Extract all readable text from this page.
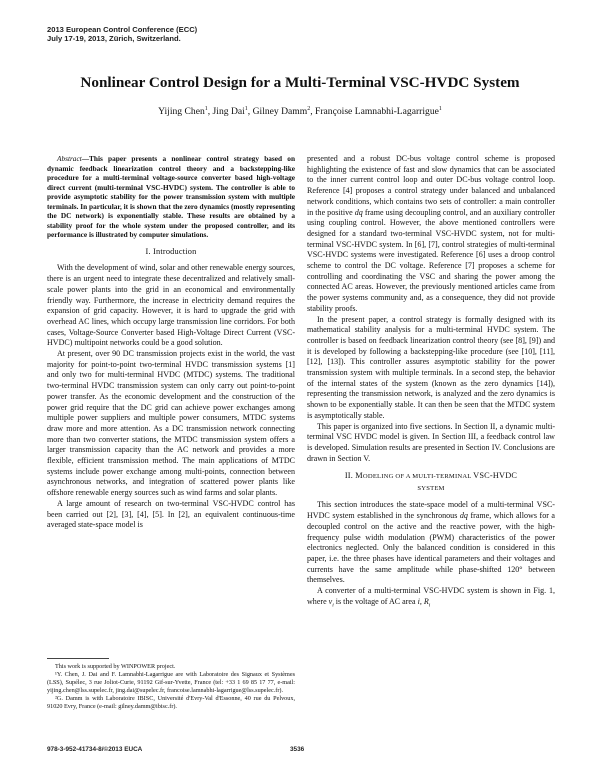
2013 European Control Conference (ECC)
July 17-19, 2013, Zürich, Switzerland.
Nonlinear Control Design for a Multi-Terminal VSC-HVDC System
Yijing Chen$^1$, Jing Dai$^1$, Gilney Damm$^2$, Françoise Lamnabhi-Lagarrigue$^1$

Abstract—This paper presents a nonlinear control strategy based on dynamic feedback linearization control theory and a backstepping-like procedure for a multi-terminal voltage-source converter based high-voltage direct current (multi-terminal VSC-HVDC) system. The controller is able to provide asymptotic stability for the power transmission system with multiple terminals. In particular, it is shown that the zero dynamics (mostly representing the DC network) is exponentially stable. These results are obtained by a stability proof for the whole system under the proposed controller, and its performance is illustrated by computer simulations.

I. Introduction

With the development of wind, solar and other renewable energy sources, there is an urgent need to integrate these decentralized and relatively small-scale power plants into the grid in an economical and environmentally friendly way. Furthermore, the increase in electricity demand requires the expansion of grid capacity. However, it is hard to upgrade the grid with overhead AC lines, which occupy large transmission line corridors. For both cases, Voltage-Source Converter based High-Voltage Direct Current (VSC-HVDC) multipoint networks could be a good solution.

At present, over 90 DC transmission projects exist in the world, the vast majority for point-to-point two-terminal HVDC transmission systems [1] and only two for multi-terminal HVDC (MTDC) systems. The traditional two-terminal HVDC transmission system can only carry out point-to-point power transfer. As the economic development and the construction of the power grid require that the DC grid can achieve power exchanges among multiple power suppliers and multiple power consumers, MTDC systems draw more and more attention. As a DC transmission network connecting more than two converter stations, the MTDC transmission system offers a larger transmission capacity than the AC network and provides a more flexible, efficient transmission method. The main applications of MTDC systems include power exchange among multi-points, connection between asynchronous networks, and integration of scattered power plants like offshore renewable energy sources such as wind farms and solar plants.

A large amount of research on two-terminal VSC-HVDC control has been carried out [2], [3], [4], [5]. In [2], an equivalent continuous-time averaged state-space model is

This work is supported by WINPOWER project.

¹Y. Chen, J. Dai and F. Lamnabhi-Lagarrigue are with Laboratoire des Signaux et Systèmes (LSS), Supélec, 3 rue Joliot-Curie, 91192 Gif-sur-Yvette, France (tel: +33 1 69 85 17 77, e-mail: yijing.chen@lss.supelec.fr, jing.dai@supelec.fr, francoise.lamnabhi-lagarrigue@lss.supelec.fr).

²G. Damm is with Laboratoire IBISC, Université d'Evry-Val d'Essonne, 40 rue du Pelvoux, 91020 Evry, France (e-mail: gilney.damm@ibisc.fr).

presented and a robust DC-bus voltage control scheme is proposed highlighting the existence of fast and slow dynamics that can be associated to the inner current control loop and outer DC-bus voltage control loop. Reference [4] proposes a control strategy under balanced and unbalanced network conditions, which contains two sets of controller: a main controller in the positive dq frame using decoupling control, and an auxiliary controller using coupling control. However, the above mentioned controllers were designed for a standard two-terminal VSC-HVDC system, not for multi-terminal VSC-HVDC system. In [6], [7], control strategies of multi-terminal VSC-HVDC systems were investigated. Reference [6] uses a droop control scheme to control the DC voltage. Reference [7] proposes a scheme for controlling and coordinating the VSC and sharing the power among the connected AC areas. However, the previously mentioned articles came from the power systems community and, as a consequence, they did not provide stability proofs.

In the present paper, a control strategy is formally designed with its mathematical stability analysis for a multi-terminal HVDC system. The controller is based on feedback linearization control theory (see [8], [9]) and it is developed by following a backstepping-like procedure (see [10], [11], [12], [13]). This controller assures asymptotic stability for the power transmission system with multiple terminals. In a second step, the behavior of the internal states of the system (known as the zero dynamics [14]), representing the transmission network, is analyzed and the zero dynamics is shown to be exponentially stable. It can then be seen that the MTDC system is asymptotically stable.

This paper is organized into five sections. In Section II, a dynamic multi-terminal VSC HVDC model is given. In Section III, a feedback control law is developed. Simulation results are presented in Section IV. Conclusions are drawn in Section V.

II. MODELING OF A MULTI-TERMINAL VSC-HVDC
SYSTEM

This section introduces the state-space model of a multi-terminal VSC-HVDC system established in the synchronous dq frame, which allows for a decoupled control on the active and the reactive power, with the high-frequency pulse width modulation (PWM) characteristics of the power electronics neglected. Only the balanced condition is considered in this paper, i.e. the three phases have identical parameters and their voltages and currents have the same amplitude while phase-shifted 120° between themselves.

A converter of a multi-terminal VSC-HVDC system is shown in Fig. 1, where $v_i$ is the voltage of AC area i, $R_i$

978-3-952-41734-8/©2013 EUCA	3536
